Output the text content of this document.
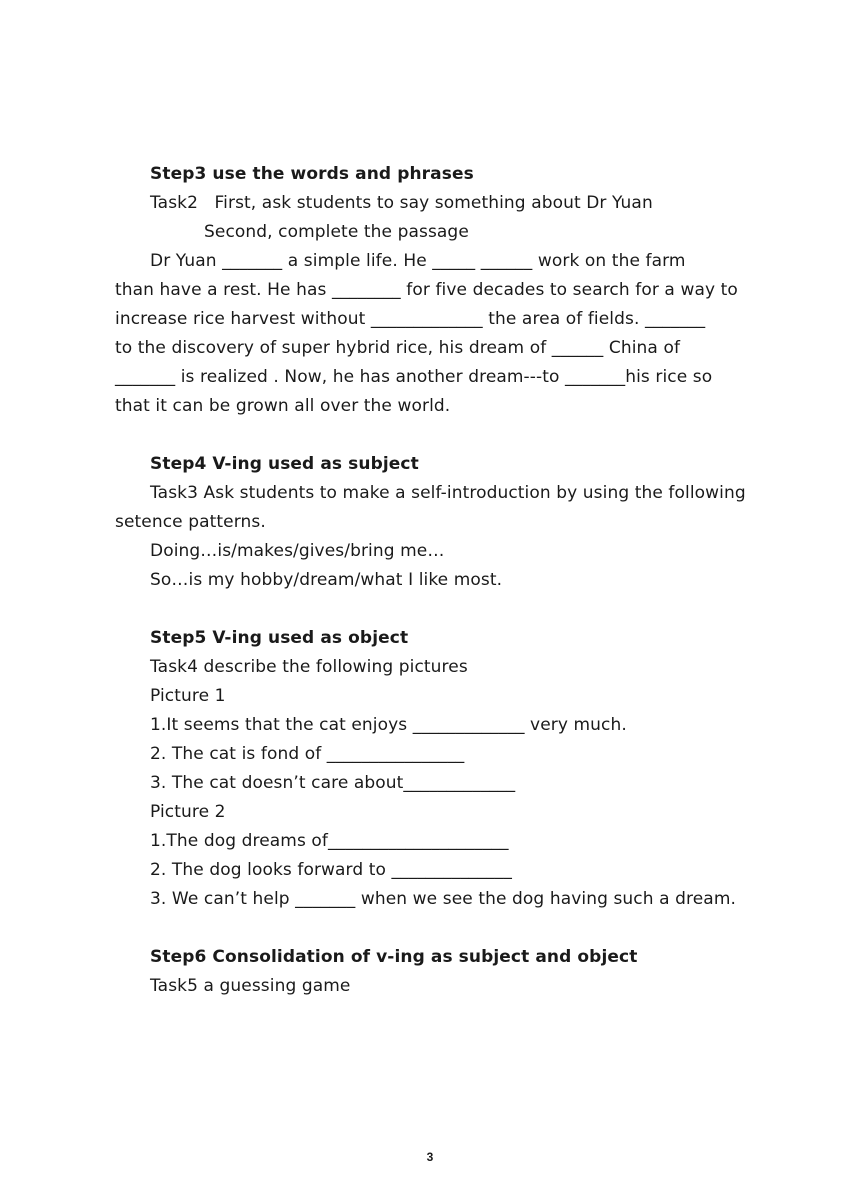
Step3 use the words and phrases
Task2   First, ask students to say something about Dr Yuan
Second, complete the passage
Dr Yuan _______ a simple life. He _____ ______ work on the farm
than have a rest. He has ________ for five decades to search for a way to
increase rice harvest without _____________ the area of fields. _______
to the discovery of super hybrid rice, his dream of ______ China of
_______ is realized . Now, he has another dream---to _______his rice so
that it can be grown all over the world.
Step4 V-ing used as subject
Task3 Ask students to make a self-introduction by using the following
setence patterns.
Doing…is/makes/gives/bring me…
So…is my hobby/dream/what I like most.
Step5 V-ing used as object
Task4 describe the following pictures
Picture 1
1.It seems that the cat enjoys _____________ very much.
2. The cat is fond of ________________
3. The cat doesn’t care about_____________
Picture 2
1.The dog dreams of_____________________
2. The dog looks forward to ______________
3. We can’t help _______ when we see the dog having such a dream.
Step6 Consolidation of v-ing as subject and object
Task5 a guessing game
3
